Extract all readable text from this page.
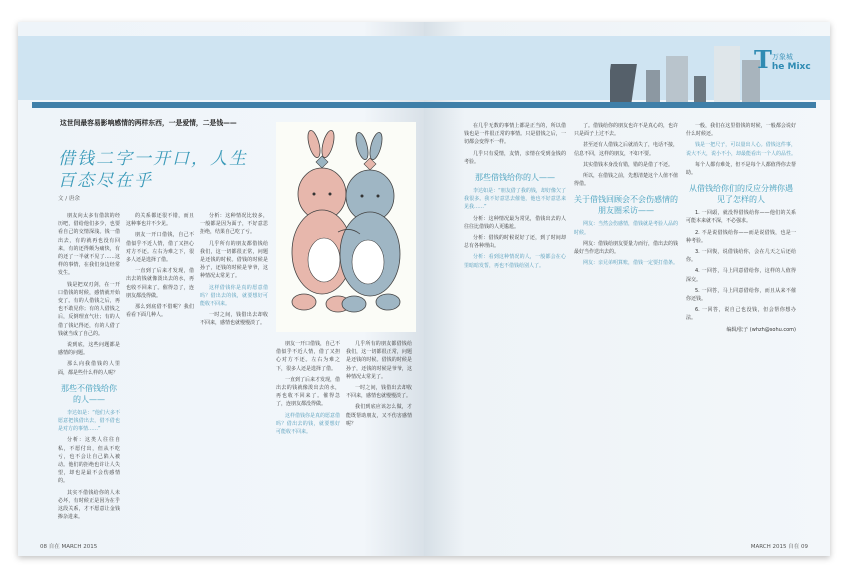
这世间最容易影响感情的两样东西，一是爱情，二是钱——
借钱二字一开口，人生百态尽在乎
文 / 唐余

朋友向太多有借款的经历吧，借给他们多少，也要看自己的交情深浅。钱一借出去，有的就再也没有回来，有的还得颇为痛快，有的还了一半就不见了……这样的事情，在我们身边经常发生。

钱是把双刃剑，在一开口借钱的时候，感情就开始变了。有的人借钱之后，再也不敢见你；有的人借钱之后，反倒理直气壮；有的人借了钱记得还，有的人借了钱就当成了自己的。

说到底，这些问题都是感情的问题。

那么向我借钱的人里面，都是些什么样的人呢？

那些不借钱给你的人——

李达如是：“他们大多不愿意把钱借出去，借不借也是对方的事情……”

分析：这类人往往自私，不愿付出，但从不吃亏，也不会让自己陷入被动。他们的拒绝也许让人失望，却也是最不会伤感情的。

其实不借钱给你的人未必坏，有时候正是因为在乎这段关系，才不愿意让金钱掺杂进来。

的关系都还很不错，而且这种事也并不少见。

朋友一开口借钱，自己不借似乎不近人情，借了又担心对方不还。左右为难之下，很多人还是选择了借。

一直到了后来才发现，借出去的钱就像泼出去的水，再也收不回来了。催得急了，连朋友都没得做。

那么到底借不借呢？我们看看下面几种人。

分析：这种情况比较多，一般都是因为面子，不好意思拒绝，结果自己吃了亏。

几乎所有的朋友都借钱给我们，这一切都很正常，问题是还钱的时候。借钱的时候是孙子，还钱的时候是爷爷，这种情况太常见了。

这样借钱你是真的愿意借吗？借出去的钱，就要想好可能收不回来。

一时之间，钱借出去却收不回来，感情也就慢慢淡了。

朋友一开口借钱，自己不借似乎不近人情，借了又担心对方不还。左右为难之下，很多人还是选择了借。

一直到了后来才发现，借出去的钱就像泼出去的水，再也收不回来了。催得急了，连朋友都没得做。

这样借钱你是真的愿意借吗？借出去的钱，就要想好可能收不回来。

几乎所有的朋友都借钱给我们，这一切都很正常，问题是还钱的时候。借钱的时候是孙子，还钱的时候是爷爷，这种情况太常见了。

一时之间，钱借出去却收不回来，感情也就慢慢淡了。

我们到底应该怎么做，才能既帮助朋友，又不伤害感情呢？

08 自在 MARCH 2015
T 万象城
he Mixc

在几乎无数的事情上都是正当的，所以借钱也是一件很正常的事情。只是借钱之后，一切都会变得不一样。

几乎只有爱情，友情，亲情在受到金钱的考验。

那些借钱给你的人——

李达如是：“朋友借了我的钱，却好像欠了我很多。我不好意思去催他，他也不好意思来见我……”

分析：这种情况最为常见，借钱出去的人往往比借钱的人更尴尬。

分析：借钱的时候说好了还，到了时间却总有各种理由。

分析：看到这种情况的人，一般都会在心里暗暗发誓，再也不借钱给别人了。

了。借钱给你的朋友也许不是真心的，也许只是面子上过不去。

甚至还有人借钱之后就消失了，电话不接，信息不回，这样的朋友，不如不要。

其实借钱本身没有错，错的是借了不还。

所以，在借钱之前，先想清楚这个人值不值得借。

关于借钱回顾会不会伤感情的朋友圈采访——

网友：当然会伤感情，借钱就是考验人品的时候。

网友：借钱给朋友要量力而行，借出去的钱最好当作送出去的。

网友：亲兄弟明算账，借钱一定要打借条。

一般，我们在这里借钱的时候，一般都会说好什么时候还。

钱是一把尺子，可以量出人心。借钱这件事，说大不大，说小不小，却最能看出一个人的品性。

每个人都有难处，但不是每个人都值得你去帮助。

从借钱给你们的反应分辨你遇见了怎样的人

1. 一回頭，就没得借钱给你——他们的关系可能本来就不深，不必强求。

2. 不是说借钱给你——而是说借钱，也是一种考验。

3. 一回復，说借钱给你，会在几天之后还给你。

4. 一回答，马上同意借给你，这样的人值得深交。

5. 一回答，马上同意借给你，而且从来不催你还钱。

6. 一回答，说自己也没钱，但会帮你想办法。

编辑/张子 (whzh@sohu.com)

MARCH 2015 自在 09
